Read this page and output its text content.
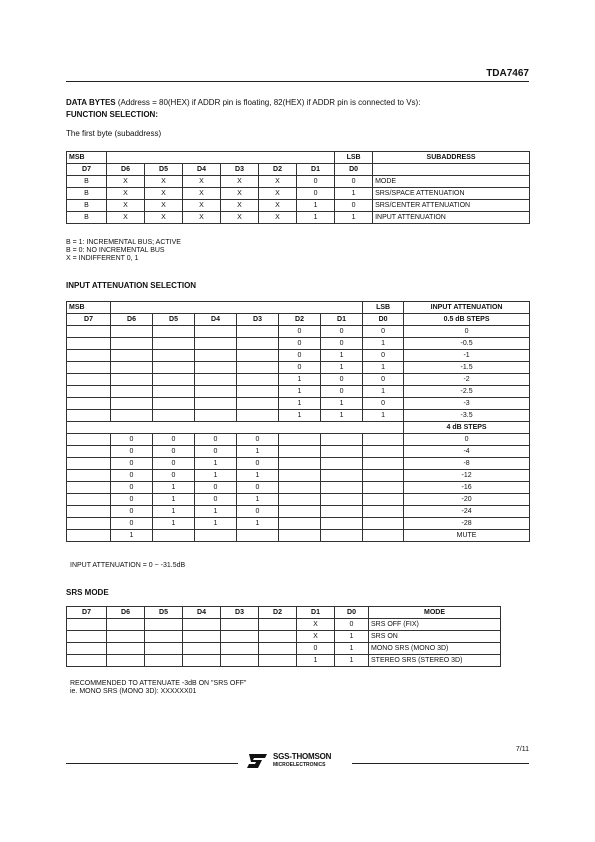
TDA7467
DATA BYTES (Address = 80(HEX) if ADDR pin is floating, 82(HEX) if ADDR pin is connected to Vs):
FUNCTION SELECTION:
The first byte (subaddress)
MSB							LSB	SUBADDRESS
D7	D6	D5	D4	D3	D2	D1	D0	
B	X	X	X	X	X	0	0	MODE
B	X	X	X	X	X	0	1	SRS/SPACE ATTENUATION
B	X	X	X	X	X	1	0	SRS/CENTER ATTENUATION
B	X	X	X	X	X	1	1	INPUT ATTENUATION
B = 1: INCREMENTAL BUS; ACTIVE
B = 0: NO INCREMENTAL BUS
X = INDIFFERENT 0, 1
INPUT ATTENUATION SELECTION
MSB							LSB	INPUT ATTENUATION
D7	D6	D5	D4	D3	D2	D1	D0	0.5 dB STEPS
					0	0	0	0
					0	0	1	-0.5
					0	1	0	-1
					0	1	1	-1.5
					1	0	0	-2
					1	0	1	-2.5
					1	1	0	-3
					1	1	1	-3.5
								4 dB STEPS
	0	0	0	0				0
	0	0	0	1				-4
	0	0	1	0				-8
	0	0	1	1				-12
	0	1	0	0				-16
	0	1	0	1				-20
	0	1	1	0				-24
	0	1	1	1				-28
	1							MUTE
INPUT ATTENUATION = 0 ~ -31.5dB
SRS MODE
D7	D6	D5	D4	D3	D2	D1	D0	MODE
						X	0	SRS OFF (FIX)
						X	1	SRS ON
						0	1	MONO SRS (MONO 3D)
						1	1	STEREO SRS (STEREO 3D)
RECOMMENDED TO ATTENUATE -3dB ON "SRS OFF"
ie. MONO SRS (MONO 3D): XXXXXX01
7/11
SGS-THOMSON
MICROELECTRONICS
